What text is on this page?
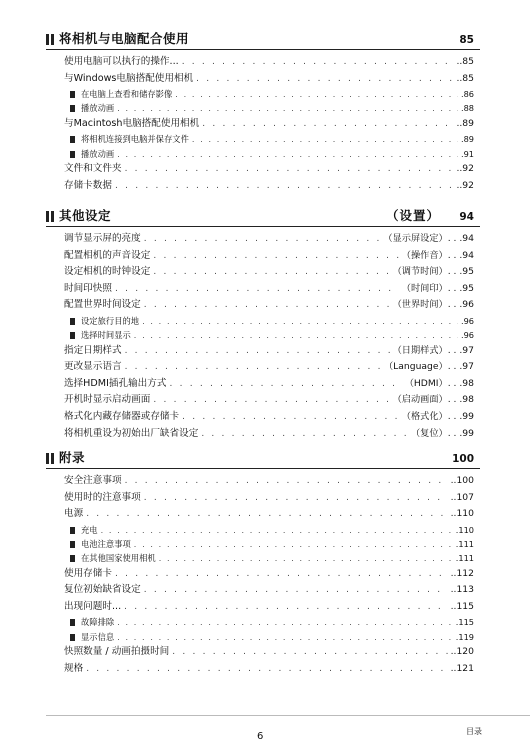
将相机与电脑配合使用	85
使用电脑可以执行的操作... . . .	..85
与Windows电脑搭配使用相机 . . .	..85
在电脑上查看和储存影像 . . .	.86
播放动画 . . .	.88
与Macintosh电脑搭配使用相机 . . .	..89
将相机连接到电脑并保存文件 . . .	.89
播放动画 . . .	.91
文件和文件夹 . . .	..92
存储卡数据 . . .	..92
其他设定	（设置） 94
调节显示屏的亮度 . . .	（显示屏设定）. . .94
配置相机的声音设定 . . .	（操作音）. . .94
设定相机的时钟设定 . . .	（调节时间）. . .95
时间印快照 . . .	（时间印）. . .95
配置世界时间设定 . . .	（世界时间）. . .96
设定旅行目的地 . . .	.96
选择时间显示 . . .	.96
指定日期样式 . . .	（日期样式）. . .97
更改显示语言 . . .	（Language）. . .97
选择HDMI插孔输出方式 . . .	（HDMI）. . .98
开机时显示启动画面 . . .	（启动画面）. . .98
格式化内藏存储器或存储卡 . . .	（格式化）. . .99
将相机重设为初始出厂缺省设定 . . .	（复位）. . .99
附录	100
安全注意事项 . . .	..100
使用时的注意事项 . . .	..107
电源 . . .	..110
充电 . . .	.110
电池注意事项 . . .	.111
在其他国家使用相机 . . .	.111
使用存储卡 . . .	..112
复位初始缺省设定 . . .	..113
出现问题时... . . .	..115
故障排除 . . .	.115
显示信息 . . .	.119
快照数量 / 动画拍摄时间 . . .	..120
规格 . . .	..121
6	目录
